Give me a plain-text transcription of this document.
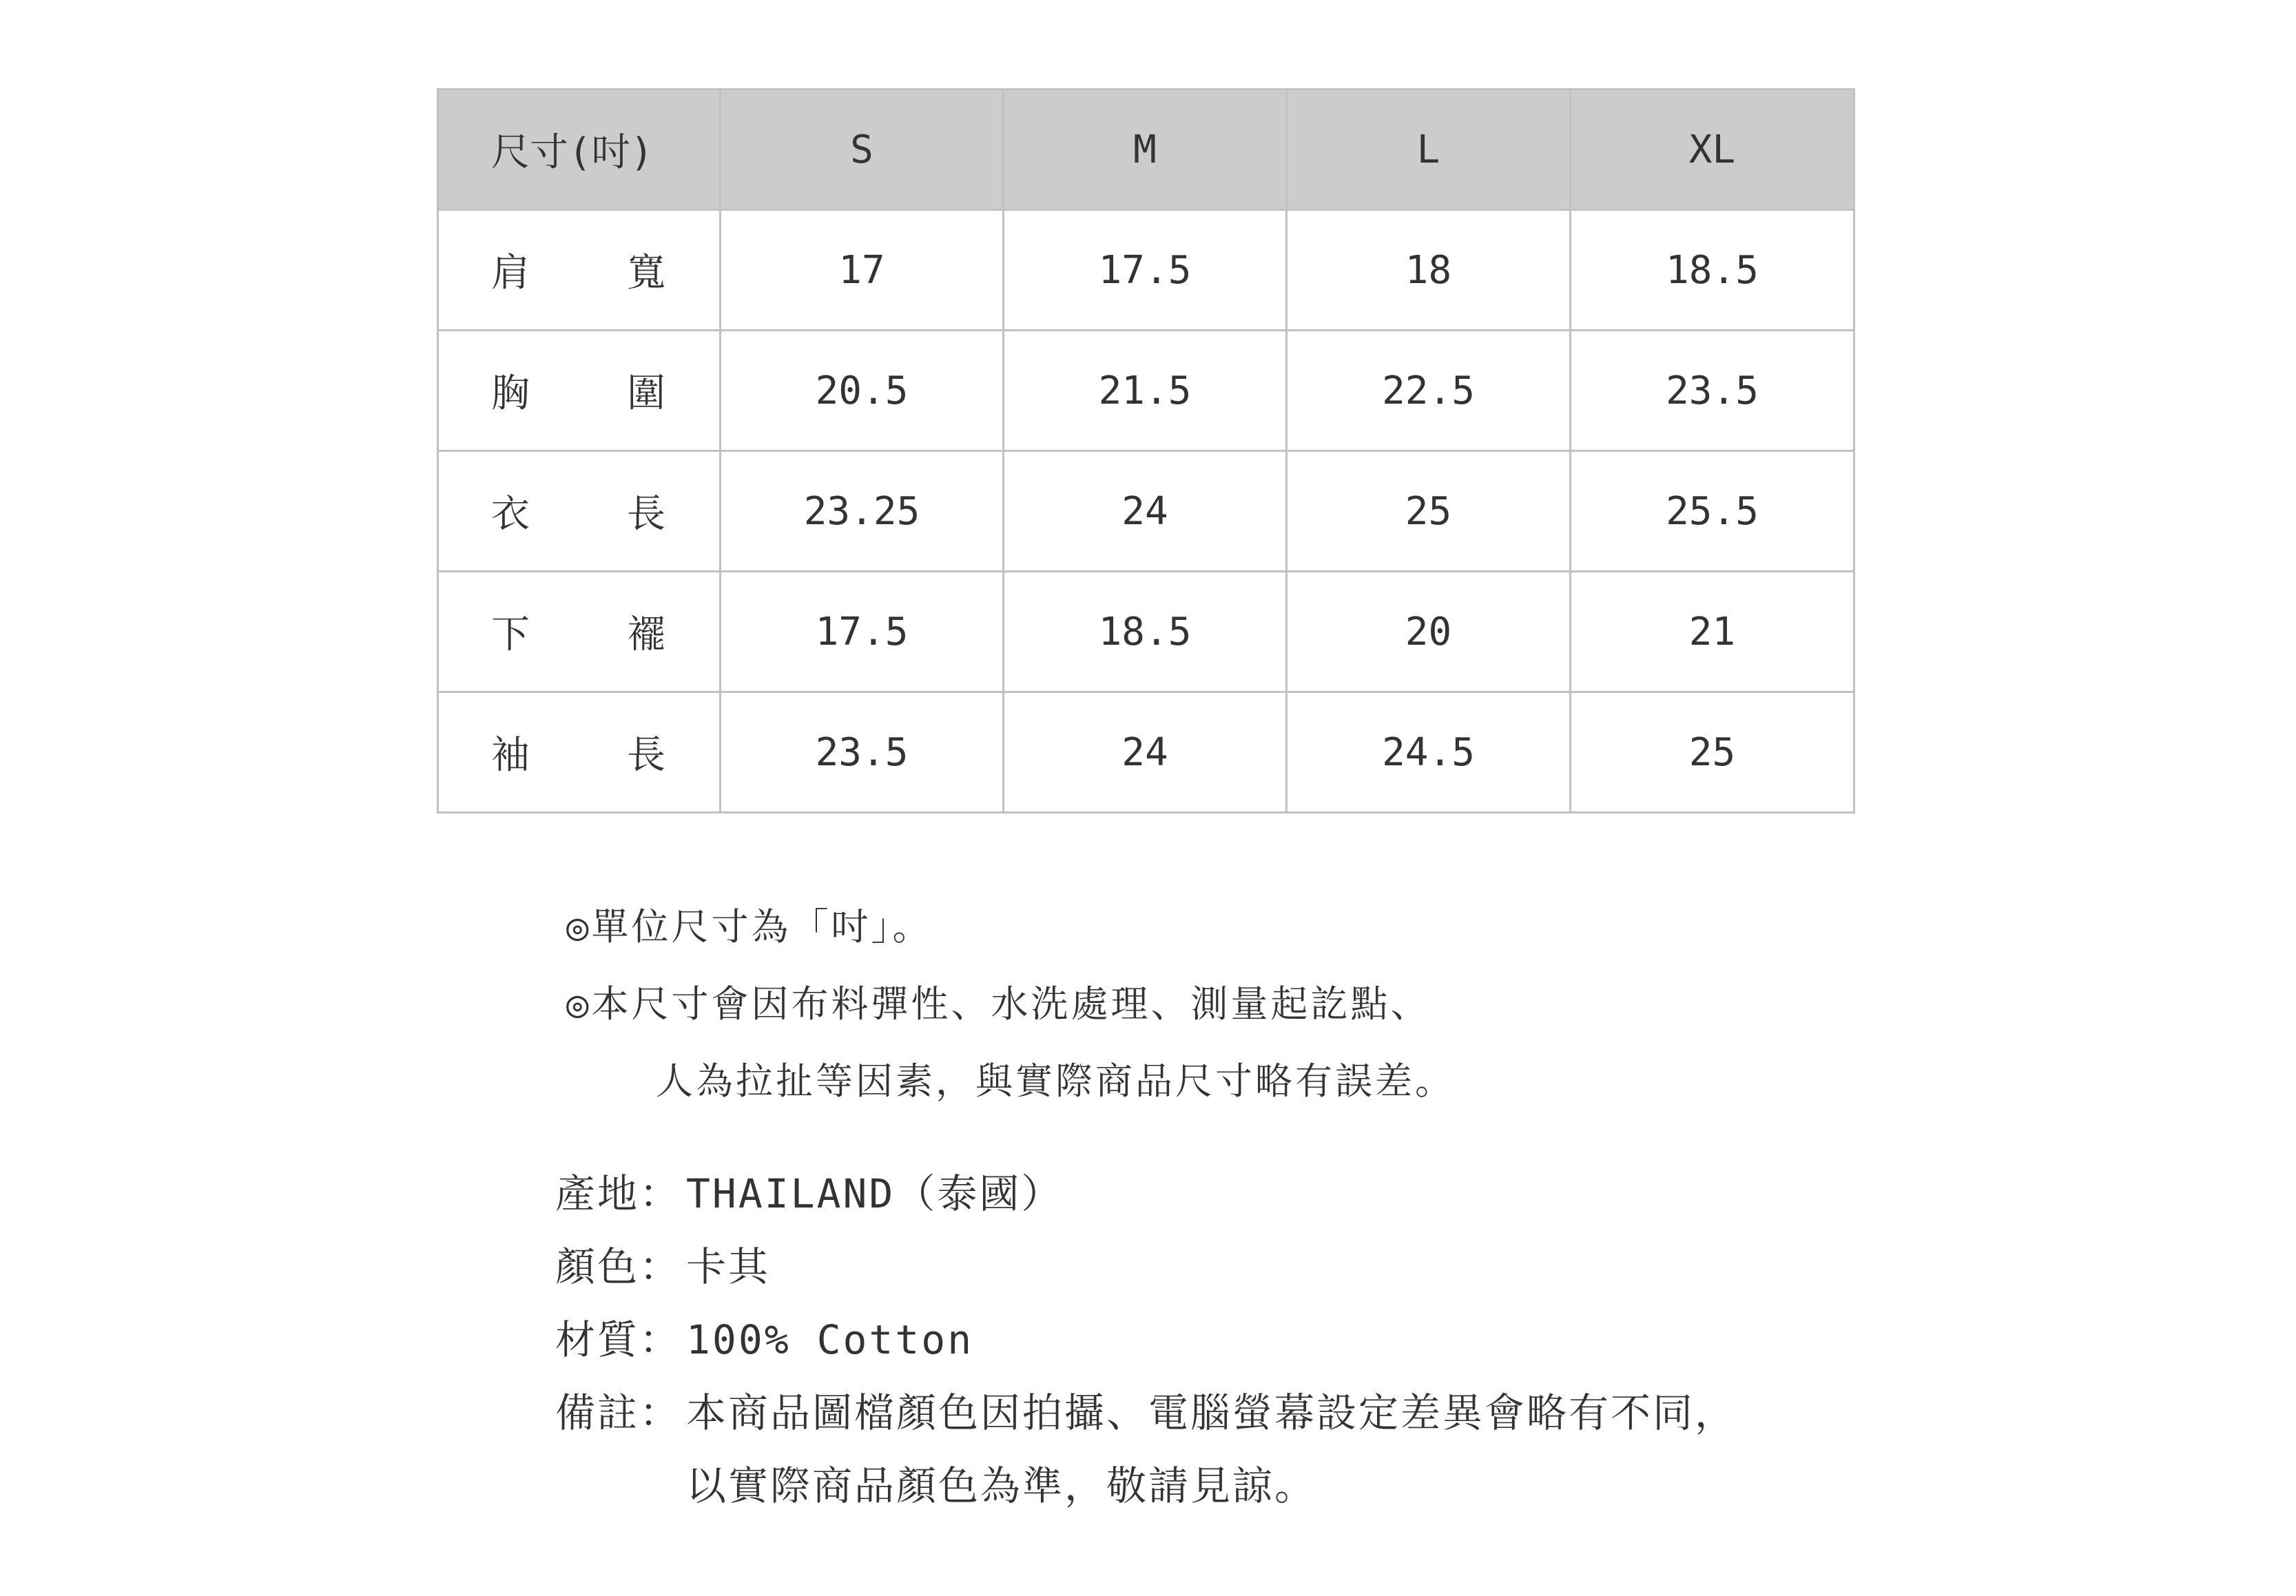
尺寸(吋)	S	M	L	XL

肩 寬	17	17.5	18	18.5

胸 圍	20.5	21.5	22.5	23.5

衣 長	23.25	24	25	25.5

下 襬	17.5	18.5	20	21

袖 長	23.5	24	24.5	25
◎單位尺寸為「吋」。
◎本尺寸會因布料彈性、水洗處理、測量起訖點、
人為拉扯等因素，與實際商品尺寸略有誤差。
產地： THAILAND（泰國）
顏色： 卡其
材質： 100% Cotton
備註： 本商品圖檔顏色因拍攝、電腦螢幕設定差異會略有不同，
以實際商品顏色為準，敬請見諒。
